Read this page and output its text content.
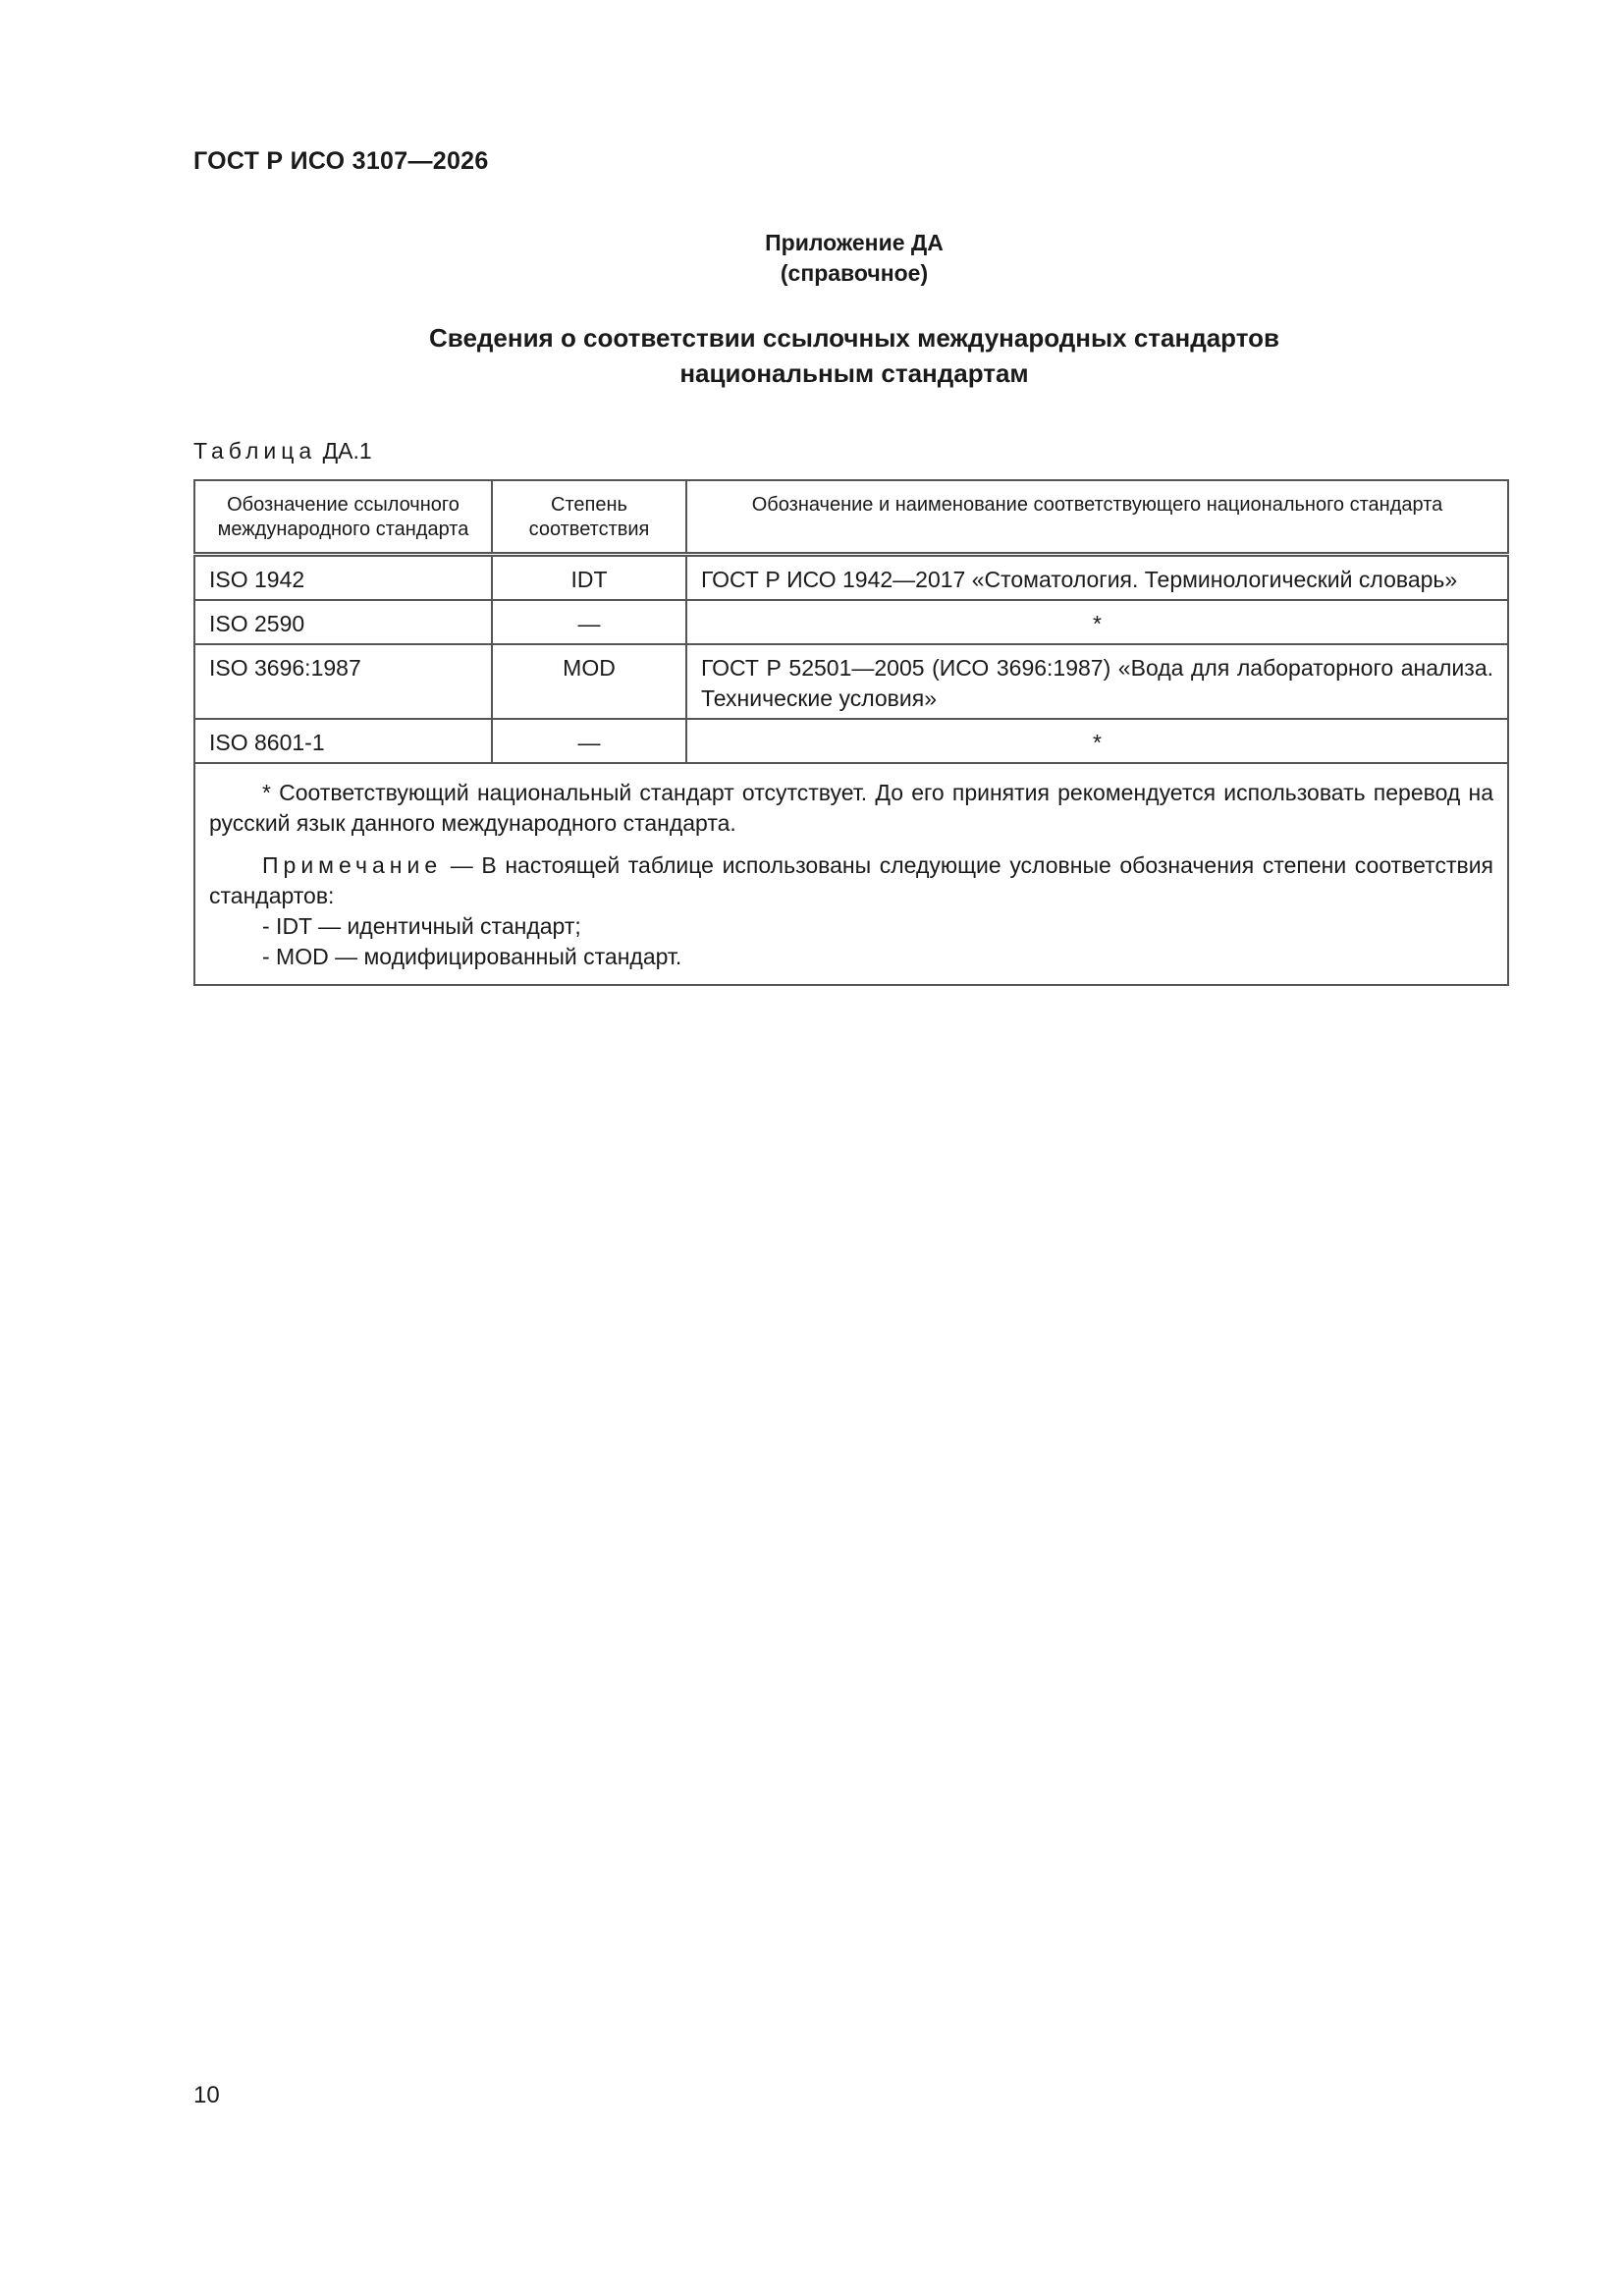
ГОСТ Р ИСО 3107—2026
Приложение ДА
(справочное)
Сведения о соответствии ссылочных международных стандартов
национальным стандартам
Таблица ДА.1
Обозначение ссылочного международного стандарта	Степень соответствия	Обозначение и наименование соответствующего национального стандарта
ISO 1942	IDT	ГОСТ Р ИСО 1942—2017 «Стоматология. Терминологический словарь»
ISO 2590	—	*
ISO 3696:1987	MOD	ГОСТ Р 52501—2005 (ИСО 3696:1987) «Вода для лабораторного анализа. Технические условия»
ISO 8601-1	—	*

* Соответствующий национальный стандарт отсутствует. До его принятия рекомендуется использовать перевод на русский язык данного международного стандарта.

Примечание — В настоящей таблице использованы следующие условные обозначения степени соответствия стандартов:

- IDT — идентичный стандарт;
- MOD — модифицированный стандарт.		
10
